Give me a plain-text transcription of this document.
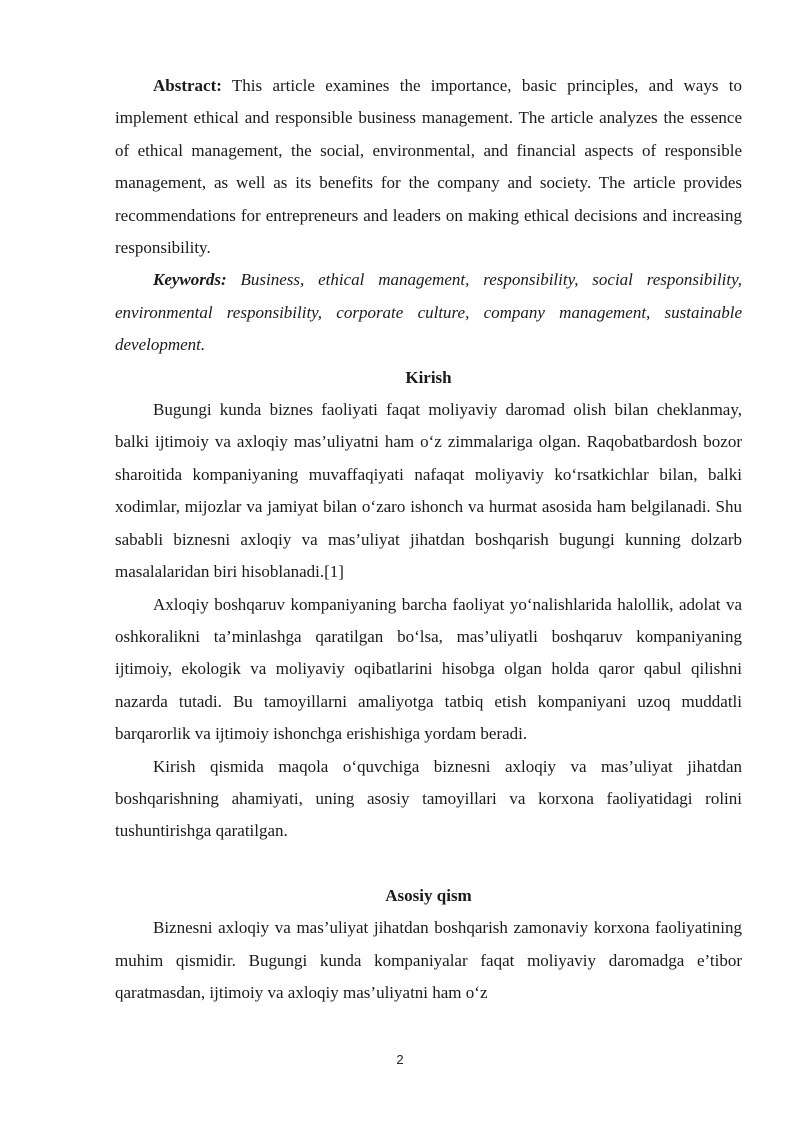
Abstract: This article examines the importance, basic principles, and ways to implement ethical and responsible business management. The article analyzes the essence of ethical management, the social, environmental, and financial aspects of responsible management, as well as its benefits for the company and society. The article provides recommendations for entrepreneurs and leaders on making ethical decisions and increasing responsibility.

Keywords: Business, ethical management, responsibility, social responsibility, environmental responsibility, corporate culture, company management, sustainable development.

Kirish

Bugungi kunda biznes faoliyati faqat moliyaviy daromad olish bilan cheklanmay, balki ijtimoiy va axloqiy mas’uliyatni ham o‘z zimmalariga olgan. Raqobatbardosh bozor sharoitida kompaniyaning muvaffaqiyati nafaqat moliyaviy ko‘rsatkichlar bilan, balki xodimlar, mijozlar va jamiyat bilan o‘zaro ishonch va hurmat asosida ham belgilanadi. Shu sababli biznesni axloqiy va mas’uliyat jihatdan boshqarish bugungi kunning dolzarb masalalaridan biri hisoblanadi.[1]

Axloqiy boshqaruv kompaniyaning barcha faoliyat yo‘nalishlarida halollik, adolat va oshkoralikni ta’minlashga qaratilgan bo‘lsa, mas’uliyatli boshqaruv kompaniyaning ijtimoiy, ekologik va moliyaviy oqibatlarini hisobga olgan holda qaror qabul qilishni nazarda tutadi. Bu tamoyillarni amaliyotga tatbiq etish kompaniyani uzoq muddatli barqarorlik va ijtimoiy ishonchga erishishiga yordam beradi.

Kirish qismida maqola o‘quvchiga biznesni axloqiy va mas’uliyat jihatdan boshqarishning ahamiyati, uning asosiy tamoyillari va korxona faoliyatidagi rolini tushuntirishga qaratilgan.

Asosiy qism

Biznesni axloqiy va mas’uliyat jihatdan boshqarish zamonaviy korxona faoliyatining muhim qismidir. Bugungi kunda kompaniyalar faqat moliyaviy daromadga e’tibor qaratmasdan, ijtimoiy va axloqiy mas’uliyatni ham o‘z

2
